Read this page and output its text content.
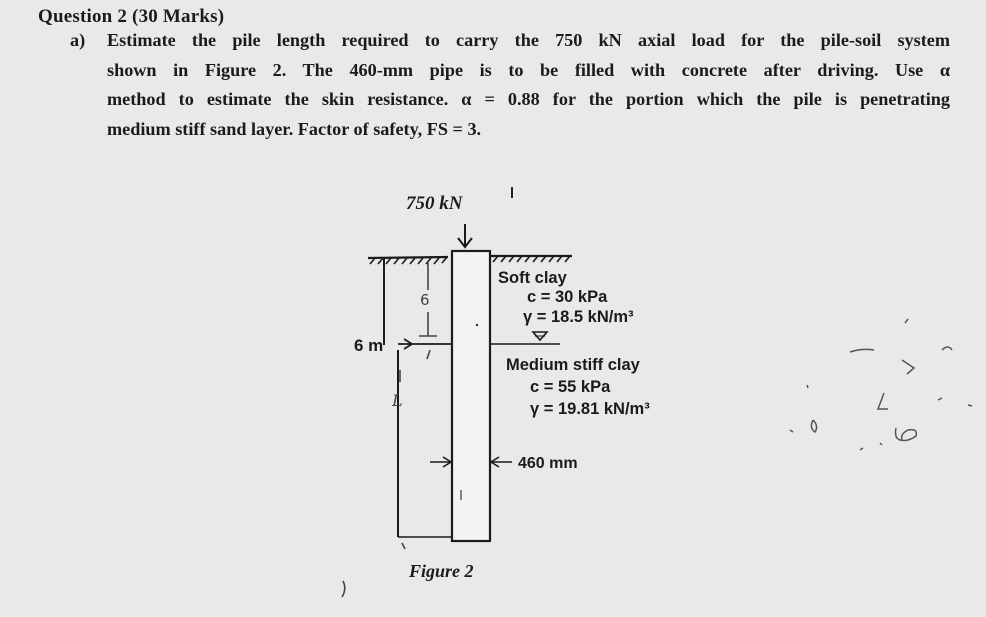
Question 2 (30 Marks)
a) Estimate the pile length required to carry the 750 kN axial load for the pile-soil system
shown in Figure 2. The 460-mm pipe is to be filled with concrete after driving. Use α
method to estimate the skin resistance. α = 0.88 for the portion which the pile is penetrating
medium stiff sand layer. Factor of safety, FS = 3.
750 kN
6 m
6
L
Soft clay
c = 30 kPa
γ = 18.5 kN/m³
Medium stiff clay
c = 55 kPa
γ = 19.81 kN/m³
460 mm
Figure 2
